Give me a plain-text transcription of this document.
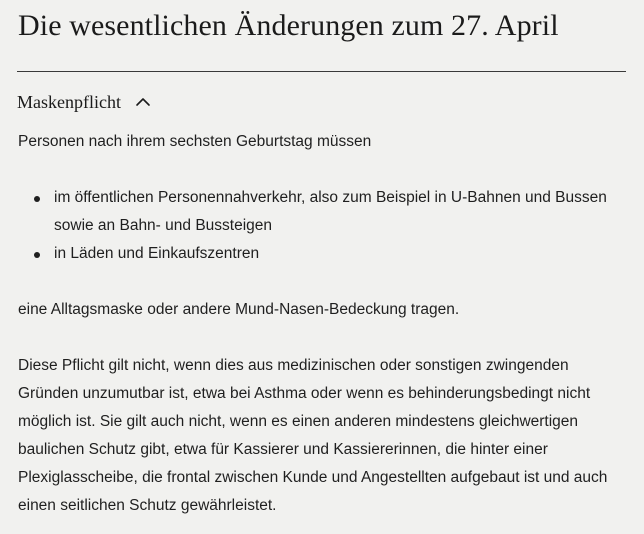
Die wesentlichen Änderungen zum 27. April
Maskenpflicht

Personen nach ihrem sechsten Geburtstag müssen

im öffentlichen Personennahverkehr, also zum Beispiel in U-Bahnen und Bussen sowie an Bahn- und Bussteigen
in Läden und Einkaufszentren

eine Alltagsmaske oder andere Mund-Nasen-Bedeckung tragen.

Diese Pflicht gilt nicht, wenn dies aus medizinischen oder sonstigen zwingenden Gründen unzumutbar ist, etwa bei Asthma oder wenn es behinderungsbedingt nicht möglich ist. Sie gilt auch nicht, wenn es einen anderen mindestens gleichwertigen baulichen Schutz gibt, etwa für Kassierer und Kassiererinnen, die hinter einer Plexiglasscheibe, die frontal zwischen Kunde und Angestellten aufgebaut ist und auch einen seitlichen Schutz gewährleistet.
